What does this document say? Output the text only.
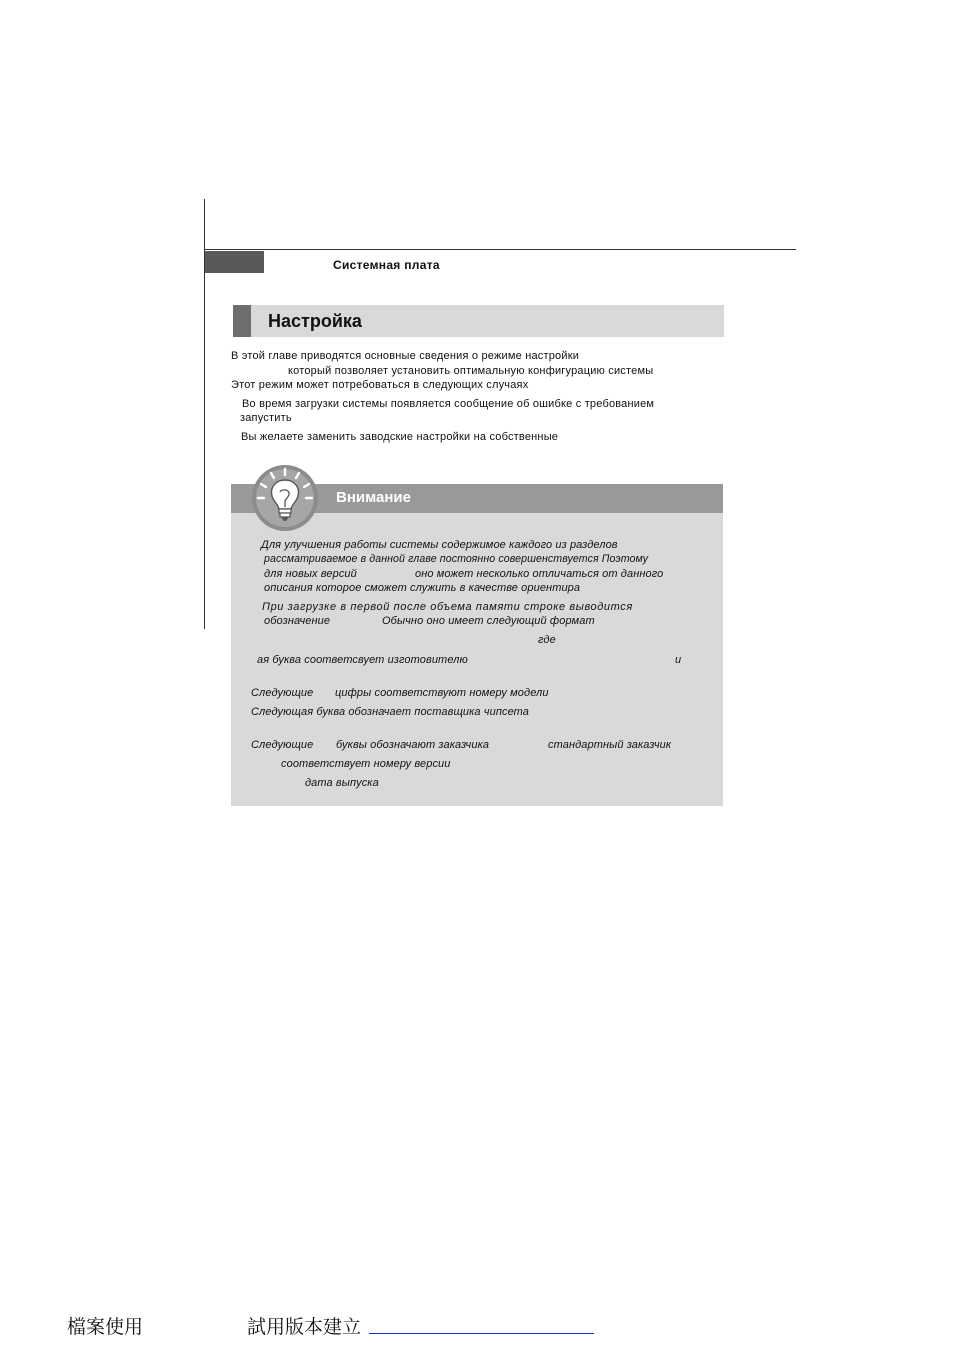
Системная плата
Настройка
В этой главе приводятся основные сведения о режиме настройки
который позволяет установить оптимальную конфигурацию системы
Этот режим может потребоваться в следующих случаях
Во время загрузки системы появляется сообщение об ошибке с требованием
запустить
Вы желаете заменить заводские настройки на собственные
Внимание
Для улучшения работы системы содержимое каждого из разделов
рассматриваемое в данной главе постоянно совершенствуется Поэтому
для новых версий	оно может несколько отличаться от данного
описания которое сможет служить в качестве ориентира
При загрузке в первой после объема памяти строке выводится
обозначение	Обычно оно имеет следующий формат
где
ая буква соответсвует изготовителю	и
Следующие цифры соответствуют номеру модели
Следующая буква обозначает поставщика чипсета
Следующие буквы обозначают заказчика	стандартный заказчик
соответствует номеру версии
дата выпуска
檔案使用	試用版本建立
